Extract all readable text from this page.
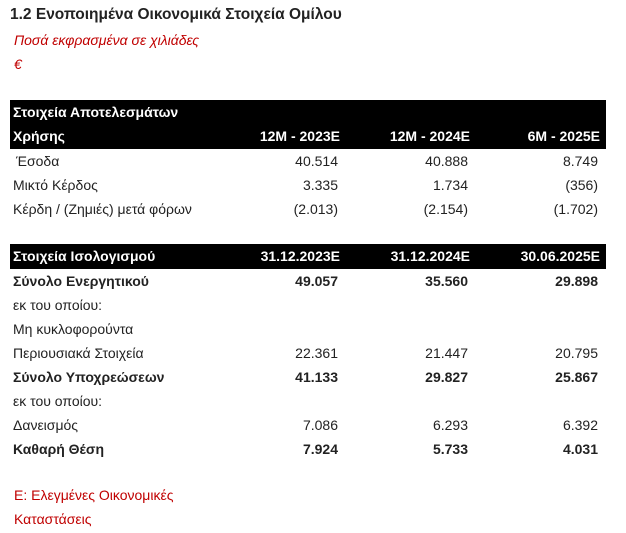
1.2 Ενοποιημένα Οικονομικά Στοιχεία Ομίλου
Ποσά εκφρασμένα σε χιλιάδες
€
Στοιχεία Αποτελεσμάτων			
Χρήσης	12M - 2023E	12M - 2024E	6M - 2025E
Έσοδα	40.514	40.888	8.749
Μικτό Κέρδος	3.335	1.734	(356)
Κέρδη / (Ζημιές) μετά φόρων	(2.013)	(2.154)	(1.702)
Στοιχεία Ισολογισμού	31.12.2023E	31.12.2024E	30.06.2025E
Σύνολο Ενεργητικού	49.057	35.560	29.898
εκ του οποίου:			
Μη κυκλοφορούντα			
Περιουσιακά Στοιχεία	22.361	21.447	20.795
Σύνολο Υποχρεώσεων	41.133	29.827	25.867
εκ του οποίου:			
Δανεισμός	7.086	6.293	6.392
Καθαρή Θέση	7.924	5.733	4.031
Ε: Ελεγμένες Οικονομικές
Καταστάσεις
